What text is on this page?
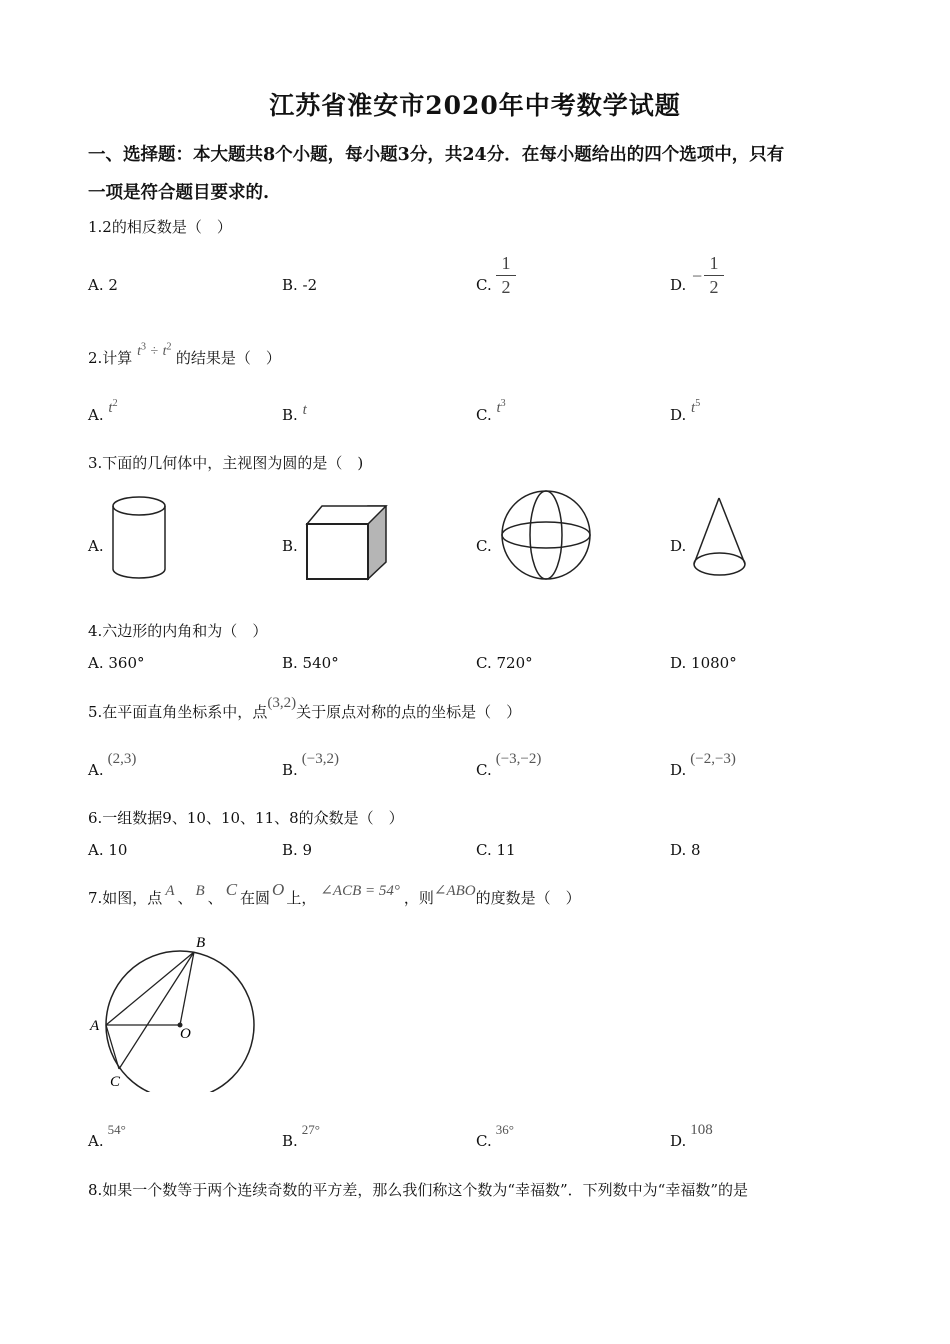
江苏省淮安市2020年中考数学试题
一、选择题：本大题共8个小题，每小题3分，共24分．在每小题给出的四个选项中，只有
一项是符合题目要求的.
1.2的相反数是（　）
A. 2	B. -2	C.
1
2	D. −
1
2
2.计算 $t^3 \div t^2$ 的结果是（　）
A. $t^2$
B. t	C. $t^3$
D. $t^5$
3.下面的几何体中，主视图为圆的是（　)
A.	B.	C.	D.
4.六边形的内角和为（　）
A. 360°	B. 540°	C. 720°	D. 1080°
5.在平面直角坐标系中，点(3,2)关于原点对称的点的坐标是（　）
A.(2,3)
B.(−3,2)
C.(−3,−2)
D.(−2,−3)
6.一组数据9、10、10、11、8的众数是（　）
A. 10	B. 9	C. 11	D. 8
7.如图，点 A 、 B 、 C 在圆 O 上， ∠ACB = 54° ，则∠ABO的度数是（　）
B
A	O
C
A.54°
B.27°
C.36°
D.108
8.如果一个数等于两个连续奇数的平方差，那么我们称这个数为“幸福数”．下列数中为“幸福数”的是
